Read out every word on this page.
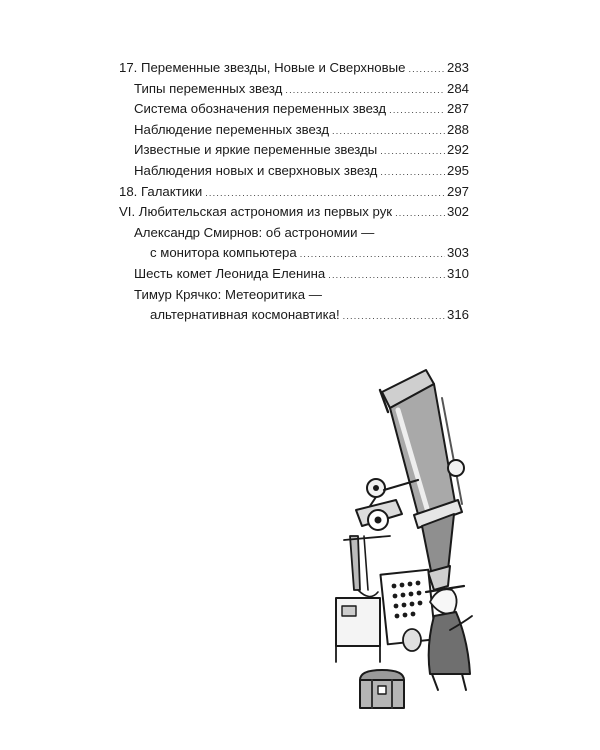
17. Переменные звезды, Новые и Сверхновые .....	283
Типы переменных звезд .....	284
Система обозначения переменных звезд .....	287
Наблюдение переменных звезд .....	288
Известные и яркие переменные звезды .....	292
Наблюдения новых и сверхновых звезд .....	295
18. Галактики .....	297
VI. Любительская астрономия из первых рук .....	302
Александр Смирнов: об астрономии —
с монитора компьютера .....	303
Шесть комет Леонида Еленина .....	310
Тимур Крячко: Метеоритика —
альтернативная космонавтика! .....	316
